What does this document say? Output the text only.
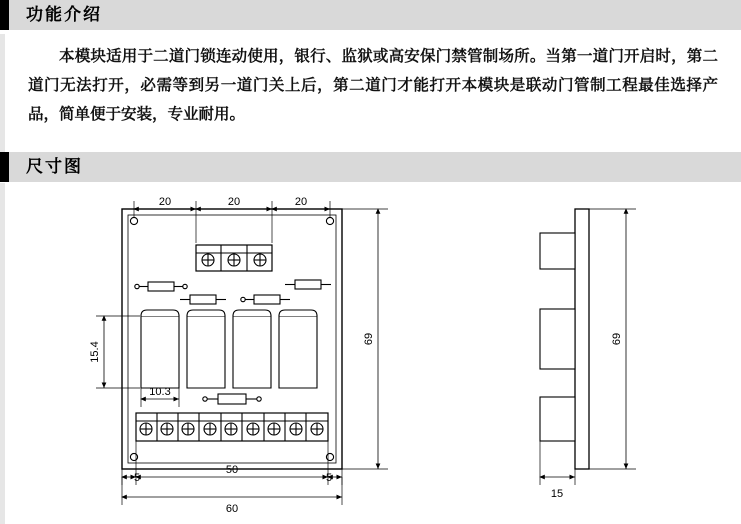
功能介绍
本模块适用于二道门锁连动使用，银行、监狱或高安保门禁管制场所。当第一道门开启时，第二道门无法打开，必需等到另一道门关上后，第二道门才能打开本模块是联动门管制工程最佳选择产品，简单便于安装，专业耐用。
尺寸图
20	20	20
5
50
5
60
10.3
69
15.4
69
15
